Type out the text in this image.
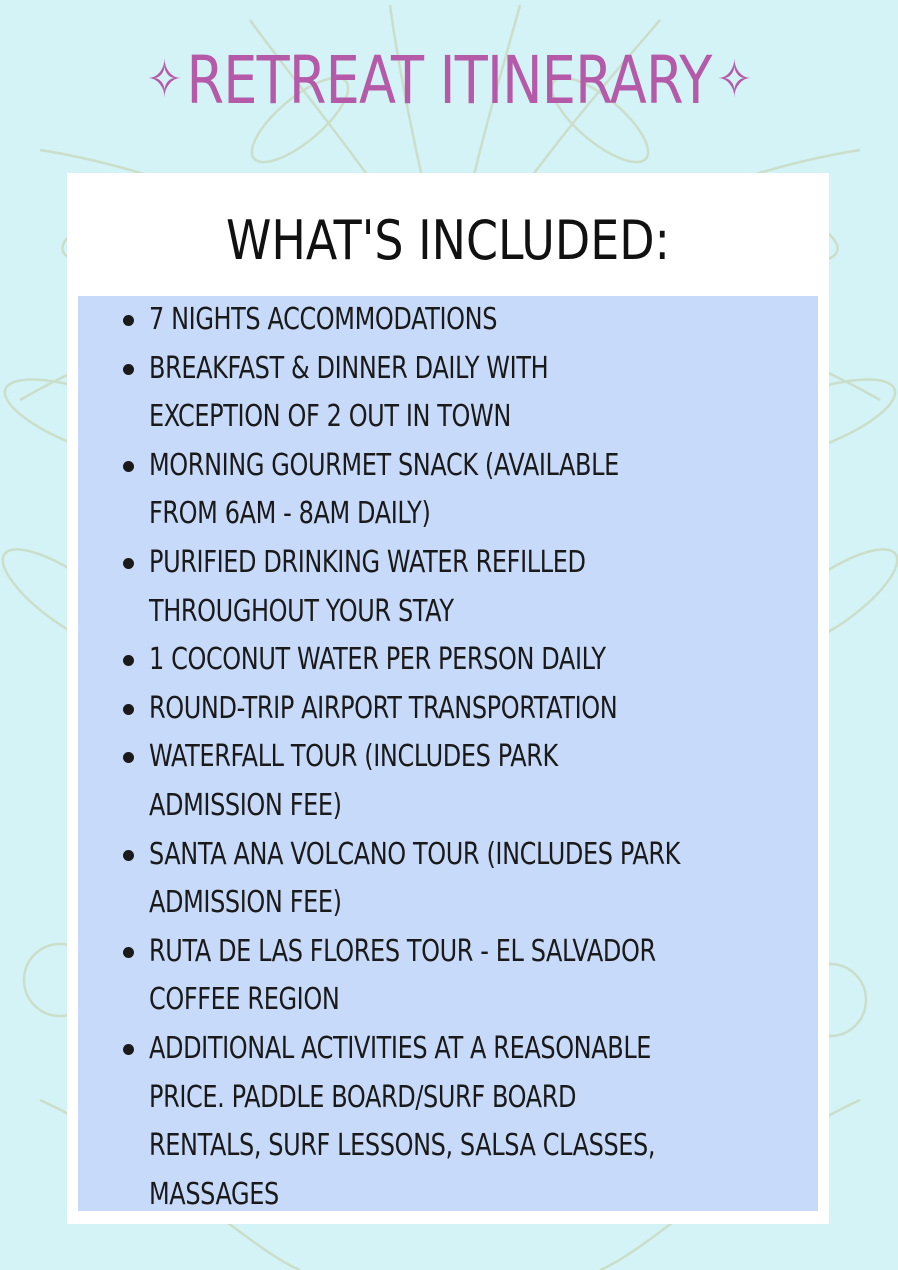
✧ RETREAT ITINERARY ✧
WHAT'S INCLUDED:
7 NIGHTS ACCOMMODATIONS
BREAKFAST & DINNER DAILY WITH
EXCEPTION OF 2 OUT IN TOWN
MORNING GOURMET SNACK (AVAILABLE
FROM 6AM - 8AM DAILY)
PURIFIED DRINKING WATER REFILLED
THROUGHOUT YOUR STAY
1 COCONUT WATER PER PERSON DAILY
ROUND-TRIP AIRPORT TRANSPORTATION
WATERFALL TOUR (INCLUDES PARK
ADMISSION FEE)
SANTA ANA VOLCANO TOUR (INCLUDES PARK
ADMISSION FEE)
RUTA DE LAS FLORES TOUR - EL SALVADOR
COFFEE REGION
ADDITIONAL ACTIVITIES AT A REASONABLE
PRICE. PADDLE BOARD/SURF BOARD
RENTALS, SURF LESSONS, SALSA CLASSES,
MASSAGES
